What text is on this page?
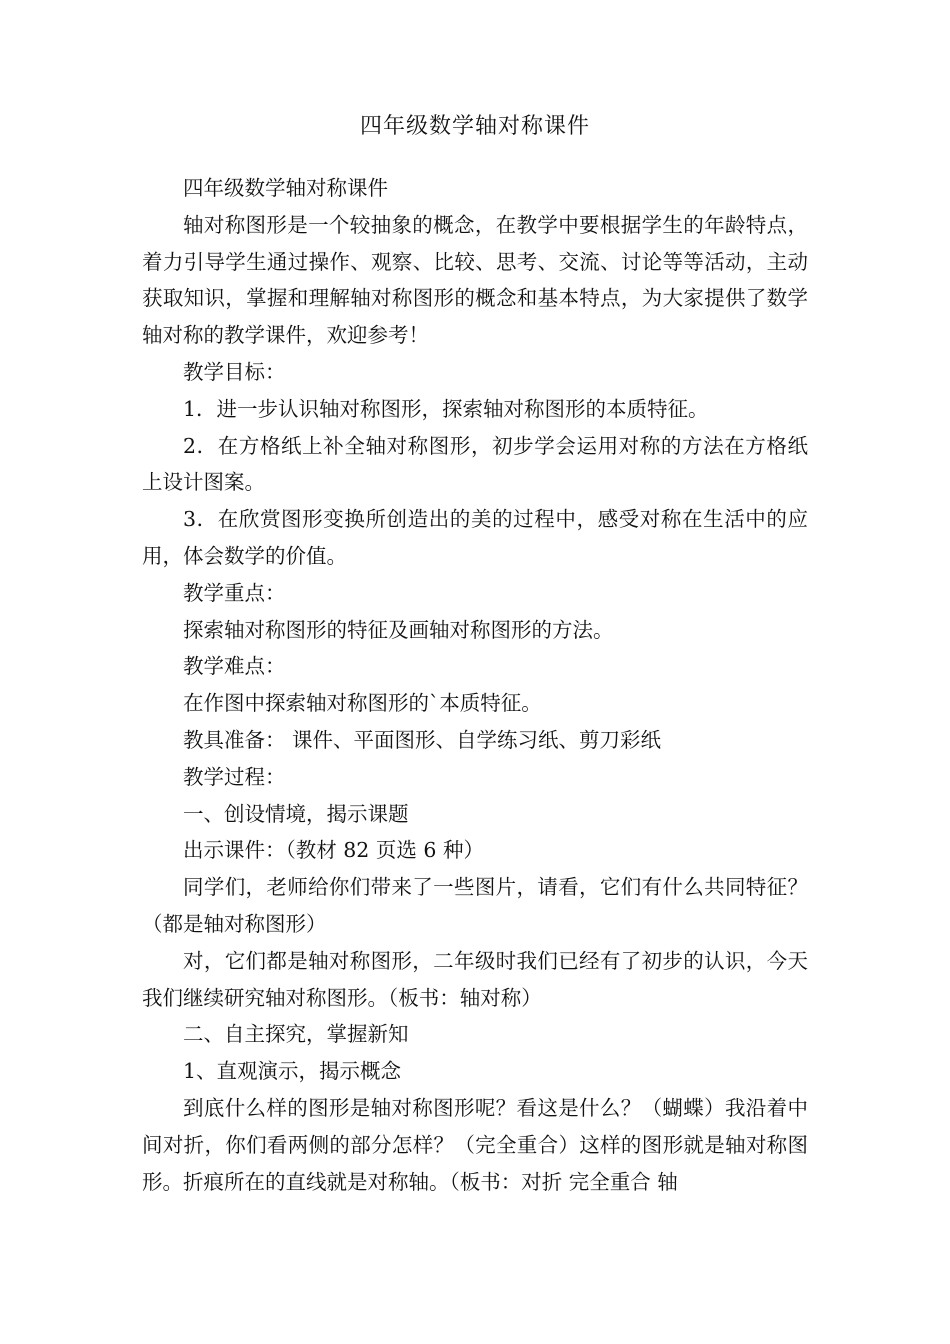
四年级数学轴对称课件

四年级数学轴对称课件

轴对称图形是一个较抽象的概念，在教学中要根据学生的年龄特点，着力引导学生通过操作、观察、比较、思考、交流、讨论等等活动，主动获取知识，掌握和理解轴对称图形的概念和基本特点，为大家提供了数学轴对称的教学课件，欢迎参考！

教学目标：

1．进一步认识轴对称图形，探索轴对称图形的本质特征。

2．在方格纸上补全轴对称图形，初步学会运用对称的方法在方格纸上设计图案。

3．在欣赏图形变换所创造出的美的过程中，感受对称在生活中的应用，体会数学的价值。

教学重点：

探索轴对称图形的特征及画轴对称图形的方法。

教学难点：

在作图中探索轴对称图形的`本质特征。

教具准备： 课件、平面图形、自学练习纸、剪刀彩纸

教学过程：

一、创设情境，揭示课题

出示课件：（教材 82 页选 6 种）

同学们，老师给你们带来了一些图片，请看，它们有什么共同特征？（都是轴对称图形）

对，它们都是轴对称图形，二年级时我们已经有了初步的认识，今天我们继续研究轴对称图形。（板书：轴对称）

二、自主探究，掌握新知

1、直观演示，揭示概念

到底什么样的图形是轴对称图形呢？看这是什么？（蝴蝶）我沿着中间对折，你们看两侧的部分怎样？（完全重合）这样的图形就是轴对称图形。折痕所在的直线就是对称轴。（板书：对折 完全重合 轴
